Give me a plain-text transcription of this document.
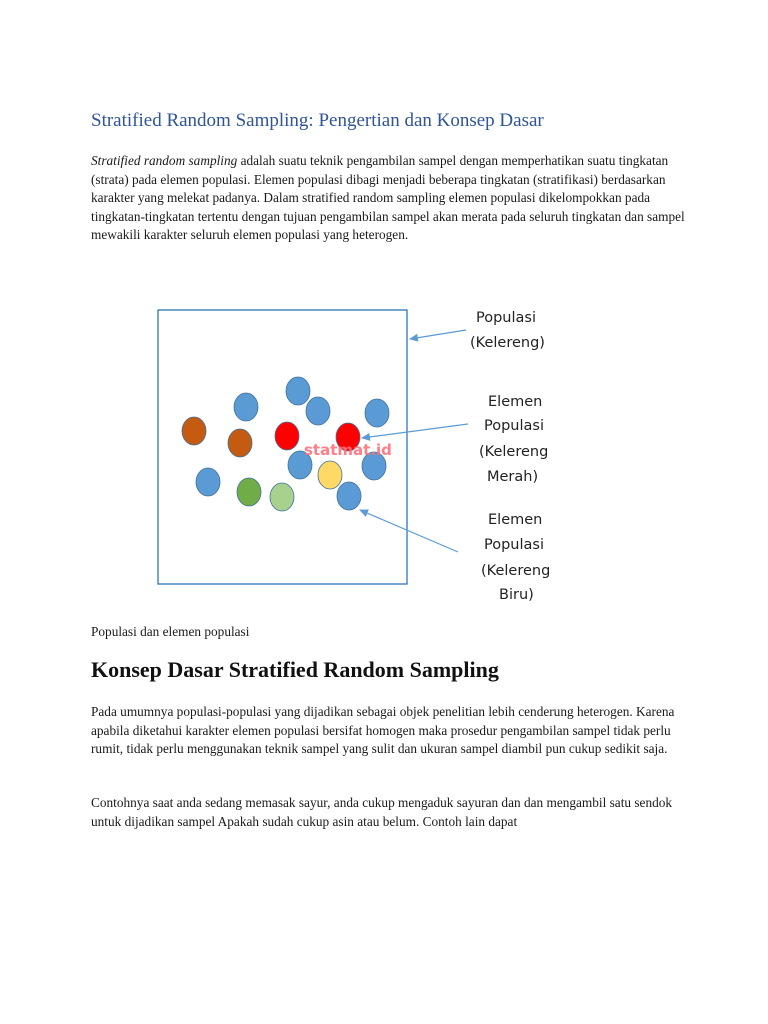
Stratified Random Sampling: Pengertian dan Konsep Dasar

Stratified random sampling adalah suatu teknik pengambilan sampel dengan memperhatikan suatu tingkatan (strata) pada elemen populasi. Elemen populasi dibagi menjadi beberapa tingkatan (stratifikasi) berdasarkan karakter yang melekat padanya. Dalam stratified random sampling elemen populasi dikelompokkan pada tingkatan-tingkatan tertentu dengan tujuan pengambilan sampel akan merata pada seluruh tingkatan dan sampel mewakili karakter seluruh elemen populasi yang heterogen.

statmat.id
Populasi
(Kelereng)
Elemen
Populasi
(Kelereng
Merah)
Elemen
Populasi
(Kelereng
Biru)

Populasi dan elemen populasi

Konsep Dasar Stratified Random Sampling

Pada umumnya populasi-populasi yang dijadikan sebagai objek penelitian lebih cenderung heterogen. Karena apabila diketahui karakter elemen populasi bersifat homogen maka prosedur pengambilan sampel tidak perlu rumit, tidak perlu menggunakan teknik sampel yang sulit dan ukuran sampel diambil pun cukup sedikit saja.

Contohnya saat anda sedang memasak sayur, anda cukup mengaduk sayuran dan dan mengambil satu sendok untuk dijadikan sampel Apakah sudah cukup asin atau belum. Contoh lain dapat
